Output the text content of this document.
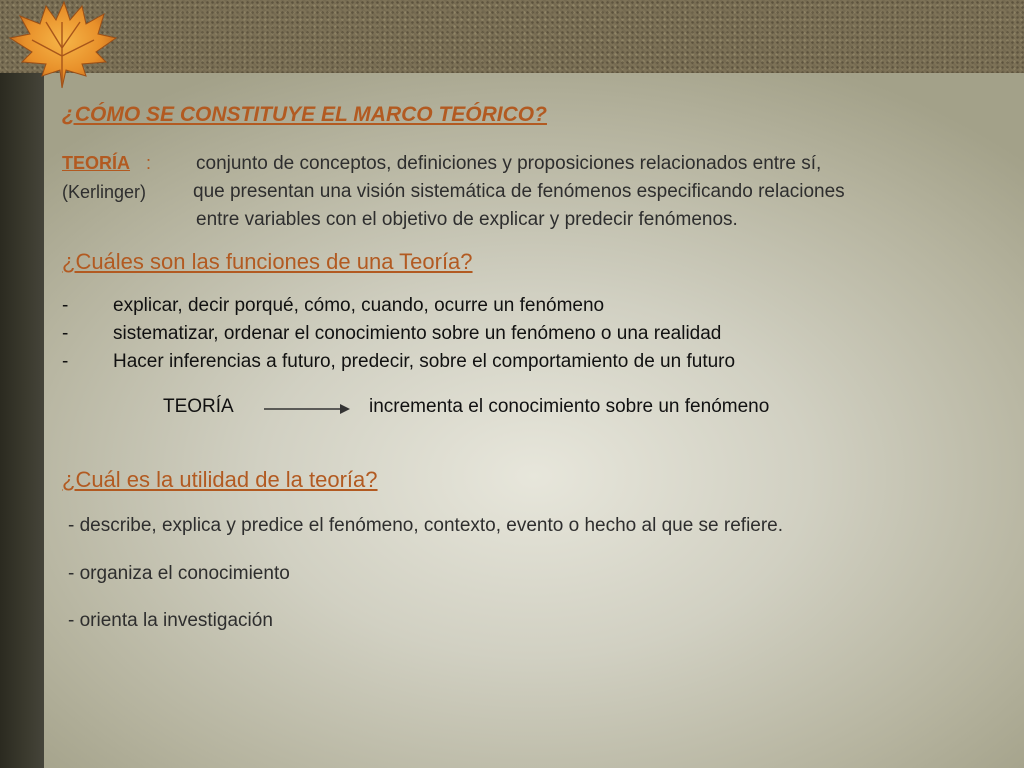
¿CÓMO SE CONSTITUYE EL MARCO TEÓRICO?
TEORÍA :
(Kerlinger)
conjunto de conceptos, definiciones y proposiciones relacionados entre sí,
que presentan una visión sistemática de fenómenos especificando relaciones
entre variables con el objetivo de explicar y predecir fenómenos.
¿Cuáles son las funciones de una Teoría?
- explicar, decir porqué, cómo, cuando, ocurre un fenómeno
- sistematizar, ordenar el conocimiento sobre un fenómeno o una realidad
- Hacer inferencias a futuro, predecir, sobre el comportamiento de un futuro
TEORÍA	incrementa el conocimiento sobre un fenómeno
¿Cuál es la utilidad de la teoría?
- describe, explica y predice el fenómeno, contexto, evento o hecho al que se refiere.
- organiza el conocimiento
- orienta la investigación
